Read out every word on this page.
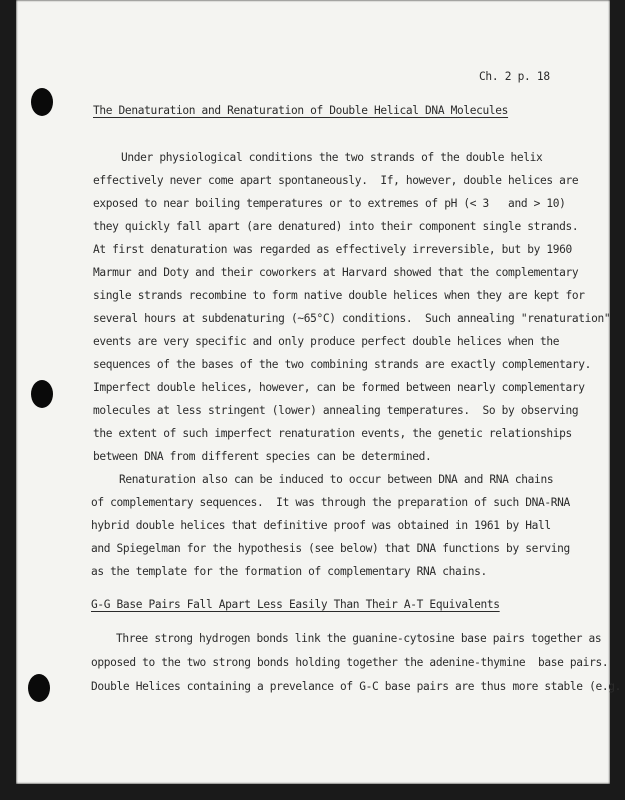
Ch. 2 p. 18
The Denaturation and Renaturation of Double Helical DNA Molecules
Under physiological conditions the two strands of the double helix
effectively never come apart spontaneously.  If, however, double helices are
exposed to near boiling temperatures or to extremes of pH (< 3   and > 10)
they quickly fall apart (are denatured) into their component single strands.
At first denaturation was regarded as effectively irreversible, but by 1960
Marmur and Doty and their coworkers at Harvard showed that the complementary
single strands recombine to form native double helices when they are kept for
several hours at subdenaturing (~65°C) conditions.  Such annealing "renaturation"
events are very specific and only produce perfect double helices when the
sequences of the bases of the two combining strands are exactly complementary.
Imperfect double helices, however, can be formed between nearly complementary
molecules at less stringent (lower) annealing temperatures.  So by observing
the extent of such imperfect renaturation events, the genetic relationships
between DNA from different species can be determined.
Renaturation also can be induced to occur between DNA and RNA chains
of complementary sequences.  It was through the preparation of such DNA-RNA
hybrid double helices that definitive proof was obtained in 1961 by Hall
and Spiegelman for the hypothesis (see below) that DNA functions by serving
as the template for the formation of complementary RNA chains.
G-G Base Pairs Fall Apart Less Easily Than Their A-T Equivalents
Three strong hydrogen bonds link the guanine-cytosine base pairs together as
opposed to the two strong bonds holding together the adenine-thymine  base pairs.
Double Helices containing a prevelance of G-C base pairs are thus more stable (e.g.
